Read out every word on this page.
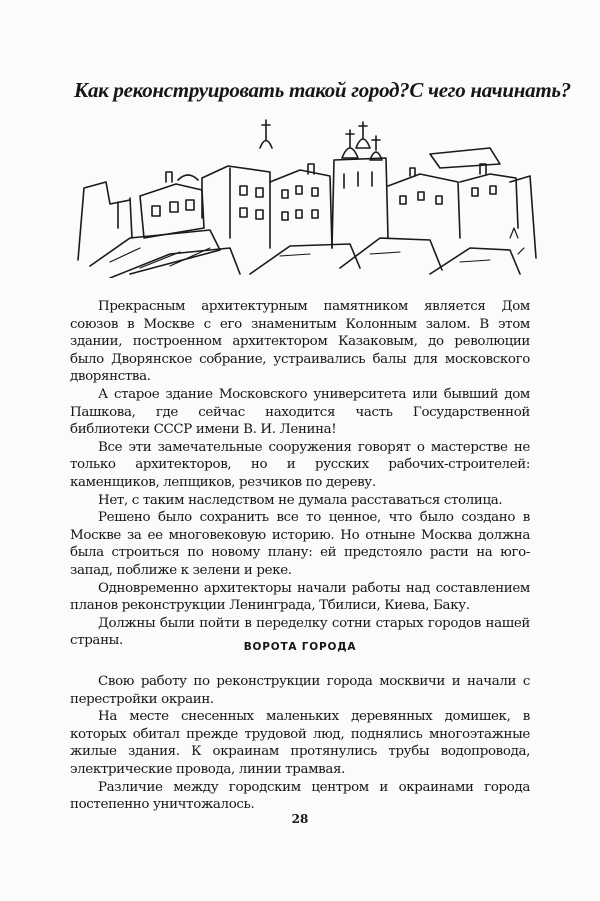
Как реконструировать такой город? С чего начинать?

Прекрасным архитектурным памятником является Дом союзов в Москве с его знаменитым Колонным залом. В этом здании, построенном архитектором Казаковым, до революции было Дворянское собрание, устраивались балы для московского дворянства.

А старое здание Московского университета или бывший дом Пашкова, где сейчас находится часть Государственной библиотеки СССР имени В. И. Ленина!

Все эти замечательные сооружения говорят о мастерстве не только архитекторов, но и русских рабочих-строителей: каменщиков, лепщиков, резчиков по дереву.

Нет, с таким наследством не думала расставаться столица.

Решено было сохранить все то ценное, что было создано в Москве за ее многовековую историю. Но отныне Москва должна была строиться по новому плану: ей предстояло расти на юго-запад, поближе к зелени и реке.

Одновременно архитекторы начали работы над составлением планов реконструкции Ленинграда, Тбилиси, Киева, Баку.

Должны были пойти в переделку сотни старых городов нашей страны.	ВОРОТА ГОРОДА

Свою работу по реконструкции города москвичи и начали с перестройки окраин.

На месте снесенных маленьких деревянных домишек, в которых обитал прежде трудовой люд, поднялись многоэтажные жилые здания. К окраинам протянулись трубы водопровода, электрические провода, линии трамвая.

Различие между городским центром и окраинами города постепенно уничтожалось.

28
